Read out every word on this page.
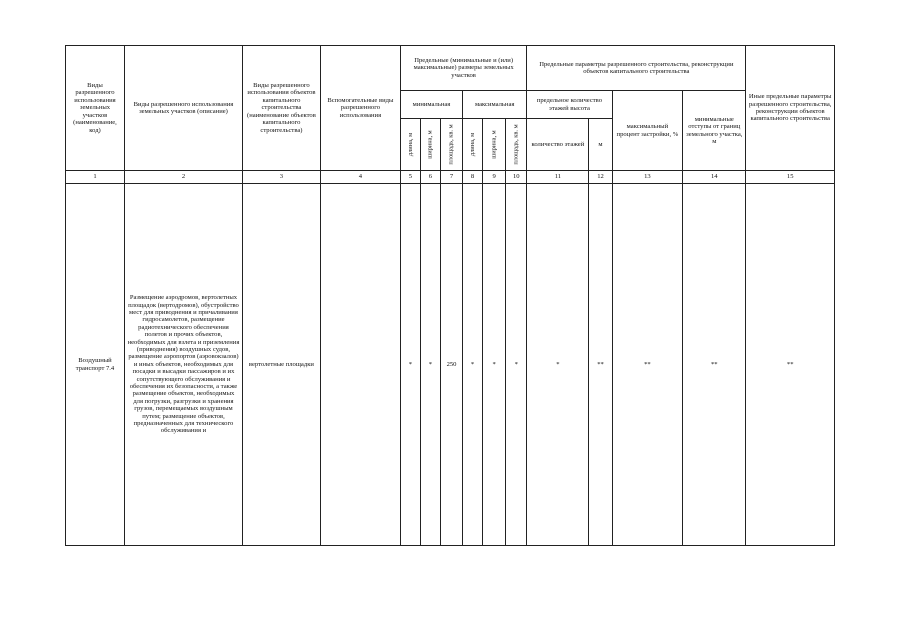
Виды разрешенного использования земельных участков (наименование, код)	Виды разрешенного использования земельных участков (описание)	Виды разрешенного использования объектов капитального строительства (наименование объектов капитального строительства)	Вспомогательные виды разрешенного использования	Предельные (минимальные и (или) максимальные) размеры земельных участков						Предельные параметры разрешенного строительства, реконструкции объектов капитального строительства				Иные предельные параметры разрешенного строительства, реконструкции объектов капитального строительства
				минимальная			максимальная			предельное количество этажей высота		максимальный процент застройки, %	минимальные отступы от границ земельного участка, м	

				длина, м	ширина, м	площадь, кв. м	длина, м	ширина, м	площадь, кв. м	количество этажей	м			
1	2	3	4	5	6	7	8	9	10	11	12	13	14	15
Воздушный транспорт 7.4	Размещение аэродромов, вертолетных площадок (вертодромов), обустройство мест для приводнения и причаливания гидросамолетов, размещение радиотехнического обеспечения полетов и прочих объектов, необходимых для взлета и приземления (приводнения) воздушных судов, размещение аэропортов (аэровокзалов) и иных объектов, необходимых для посадки и высадки пассажиров и их сопутствующего обслуживания и обеспечения их безопасности, а также размещение объектов, необходимых для погрузки, разгрузки и хранения грузов, перемещаемых воздушным путем; размещение объектов, предназначенных для технического обслуживания и	вертолетные площадки		*	*	250	*	*	*	*	**	**	**	**
